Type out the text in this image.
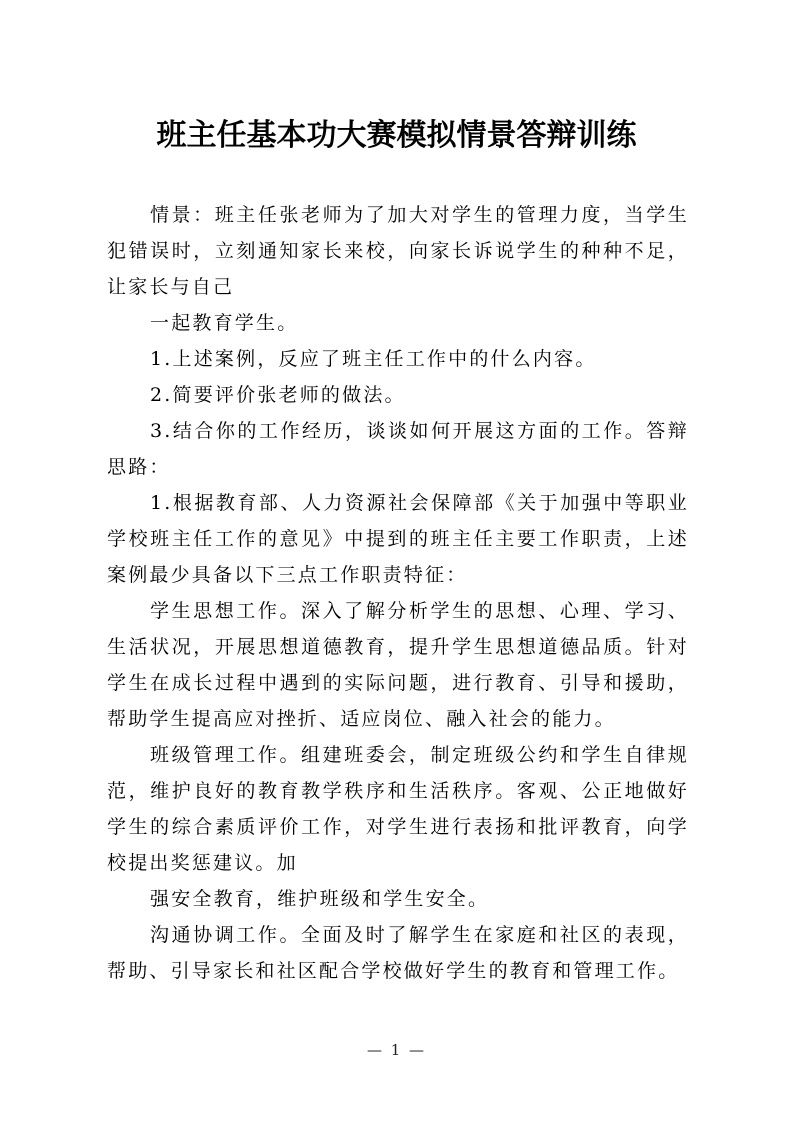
班主任基本功大赛模拟情景答辩训练

情景：班主任张老师为了加大对学生的管理力度，当学生犯错误时，立刻通知家长来校，向家长诉说学生的种种不足，让家长与自己

一起教育学生。

1.上述案例，反应了班主任工作中的什么内容。

2.简要评价张老师的做法。

3.结合你的工作经历，谈谈如何开展这方面的工作。答辩思路：

1.根据教育部、人力资源社会保障部《关于加强中等职业学校班主任工作的意见》中提到的班主任主要工作职责，上述案例最少具备以下三点工作职责特征：

学生思想工作。深入了解分析学生的思想、心理、学习、生活状况，开展思想道德教育，提升学生思想道德品质。针对学生在成长过程中遇到的实际问题，进行教育、引导和援助，帮助学生提高应对挫折、适应岗位、融入社会的能力。

班级管理工作。组建班委会，制定班级公约和学生自律规范，维护良好的教育教学秩序和生活秩序。客观、公正地做好学生的综合素质评价工作，对学生进行表扬和批评教育，向学校提出奖惩建议。加

强安全教育，维护班级和学生安全。

沟通协调工作。全面及时了解学生在家庭和社区的表现，帮助、引导家长和社区配合学校做好学生的教育和管理工作。

— 1 —
